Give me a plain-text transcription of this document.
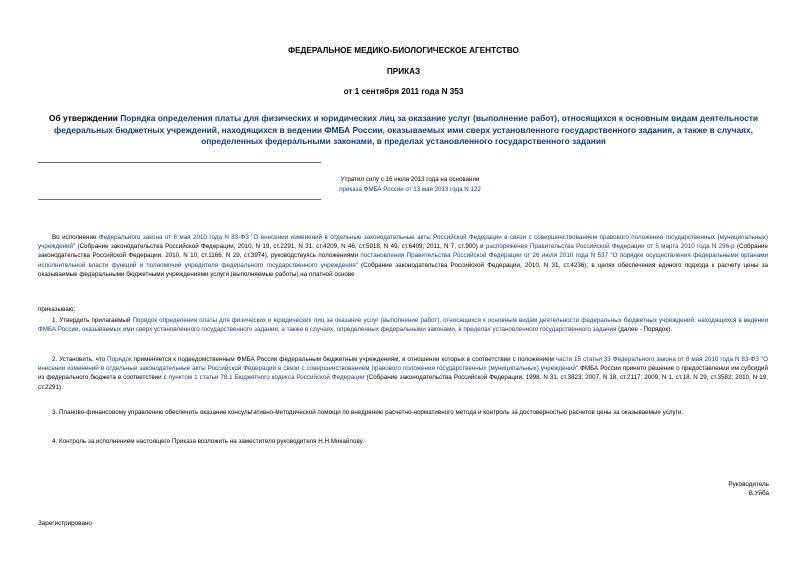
ФЕДЕРАЛЬНОЕ МЕДИКО-БИОЛОГИЧЕСКОЕ АГЕНТСТВО
ПРИКАЗ
от 1 сентября 2011 года N 353
Об утверждении Порядка определения платы для физических и юридических лиц за оказание услуг (выполнение работ), относящихся к основным видам деятельности федеральных бюджетных учреждений, находящихся в ведении ФМБА России, оказываемых ими сверх установленного государственного задания, а также в случаях, определенных федеральными законами, в пределах установленного государственного задания
Утратил силу с 16 июля 2013 года на основании
приказа ФМБА России от 13 мая 2013 года N 122
Во исполнение Федерального закона от 8 мая 2010 года N 83-ФЗ "О внесении изменений в отдельные законодательные акты Российской Федерации в связи с совершенствованием правового положения государственных (муниципальных) учреждений" (Собрание законодательства Российской Федерации, 2010, N 19, ст.2291, N 31, ст.4209, N 46, ст.5918, N 49, ст.6409; 2011, N 7, ст.900) и распоряжения Правительства Российской Федерации от 5 марта 2010 года N 296-р (Собрание законодательства Российской Федерации, 2010, N 10, ст.1166, N 29, ст.3974), руководствуясь положениями постановления Правительства Российской Федерации от 26 июля 2010 года N 537 "О порядке осуществления федеральными органами исполнительной власти функций и полномочий учредителя федерального государственного учреждения" (Собрание законодательства Российской Федерации, 2010, N 31, ст.4236), в целях обеспечения единого подхода к расчету цены за оказываемые федеральными бюджетными учреждениями услуги (выполняемые работы) на платной основе
приказываю:
1. Утвердить прилагаемый Порядок определения платы для физических и юридических лиц за оказание услуг (выполнение работ), относящихся к основным видам деятельности федеральных бюджетных учреждений, находящихся в ведении ФМБА России, оказываемых ими сверх установленного государственного задания, а также в случаях, определенных федеральными законами, в пределах установленного государственного задания (далее - Порядок).
2. Установить, что Порядок применяется к подведомственным ФМБА России федеральным бюджетным учреждениям, в отношении которых в соответствии с положением части 15 статьи 33 Федерального закона от 8 мая 2010 года N 83-ФЗ "О внесении изменений в отдельные законодательные акты Российской Федерации в связи с совершенствованием правового положения государственных (муниципальных) учреждений" ФМБА России принято решение о предоставлении им субсидий из федерального бюджета в соответствии с пунктом 1 статьи 78.1 Бюджетного кодекса Российской Федерации (Собрание законодательства Российской Федерации, 1998, N 31, ст.3823; 2007, N 18, ст.2117; 2009, N 1, ст.18, N 29, ст.3582; 2010, N 19, ст.2291).
3. Планово-финансовому управлению обеспечить оказание консультативно-методической помощи по внедрению расчетно-нормативного метода и контроль за достоверностью расчетов цены за оказываемые услуги.
4. Контроль за исполнением настоящего Приказа возложить на заместителя руководителя Н.Н.Микайлову.
Руководитель
В.Уйба
Зарегистрировано
